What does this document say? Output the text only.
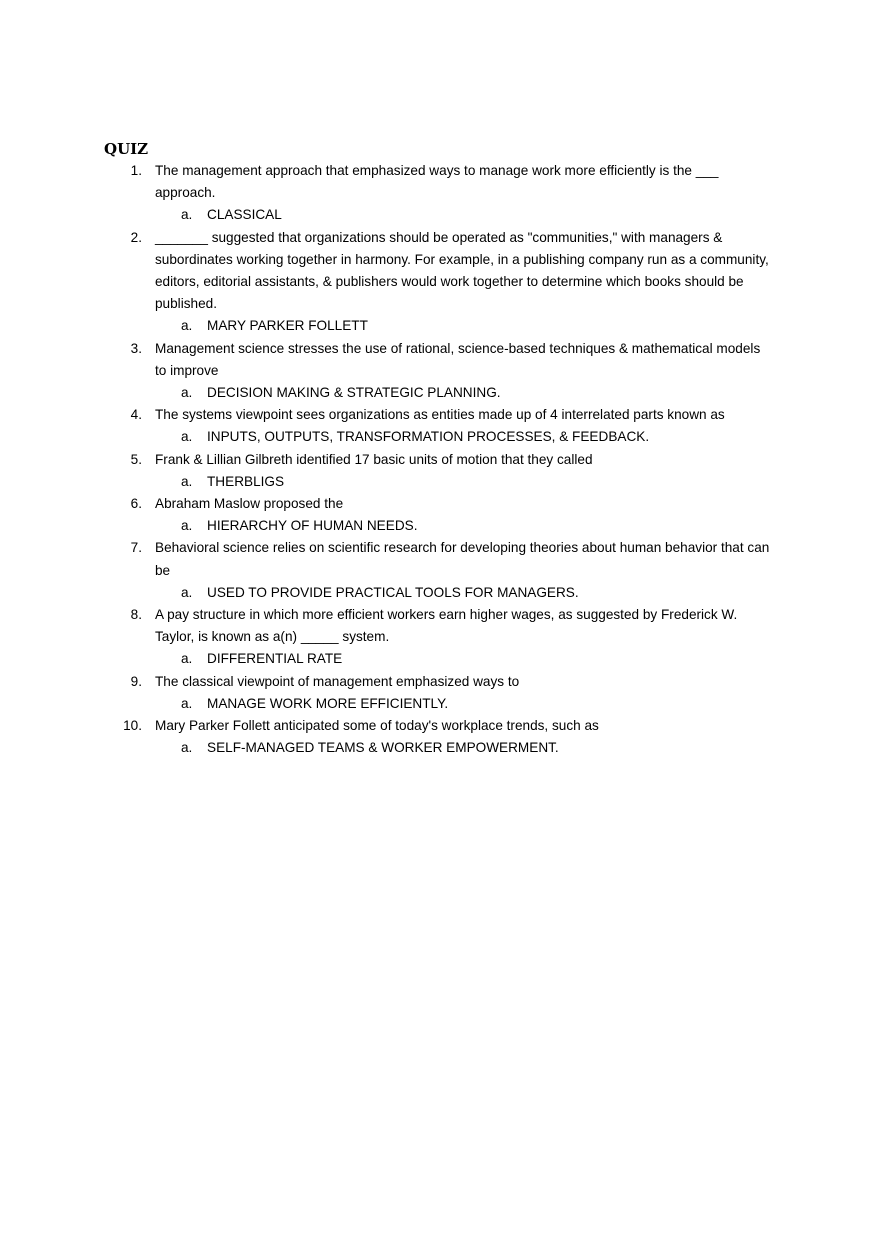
QUIZ
1. The management approach that emphasized ways to manage work more efficiently is the ___ approach.
a. CLASSICAL
2. _______ suggested that organizations should be operated as "communities," with managers & subordinates working together in harmony. For example, in a publishing company run as a community, editors, editorial assistants, & publishers would work together to determine which books should be published.
a. MARY PARKER FOLLETT
3. Management science stresses the use of rational, science-based techniques & mathematical models to improve
a. DECISION MAKING & STRATEGIC PLANNING.
4. The systems viewpoint sees organizations as entities made up of 4 interrelated parts known as
a. INPUTS, OUTPUTS, TRANSFORMATION PROCESSES, & FEEDBACK.
5. Frank & Lillian Gilbreth identified 17 basic units of motion that they called
a. THERBLIGS
6. Abraham Maslow proposed the
a. HIERARCHY OF HUMAN NEEDS.
7. Behavioral science relies on scientific research for developing theories about human behavior that can be
a. USED TO PROVIDE PRACTICAL TOOLS FOR MANAGERS.
8. A pay structure in which more efficient workers earn higher wages, as suggested by Frederick W. Taylor, is known as a(n) _____ system.
a. DIFFERENTIAL RATE
9. The classical viewpoint of management emphasized ways to
a. MANAGE WORK MORE EFFICIENTLY.
10. Mary Parker Follett anticipated some of today's workplace trends, such as
a. SELF-MANAGED TEAMS & WORKER EMPOWERMENT.
